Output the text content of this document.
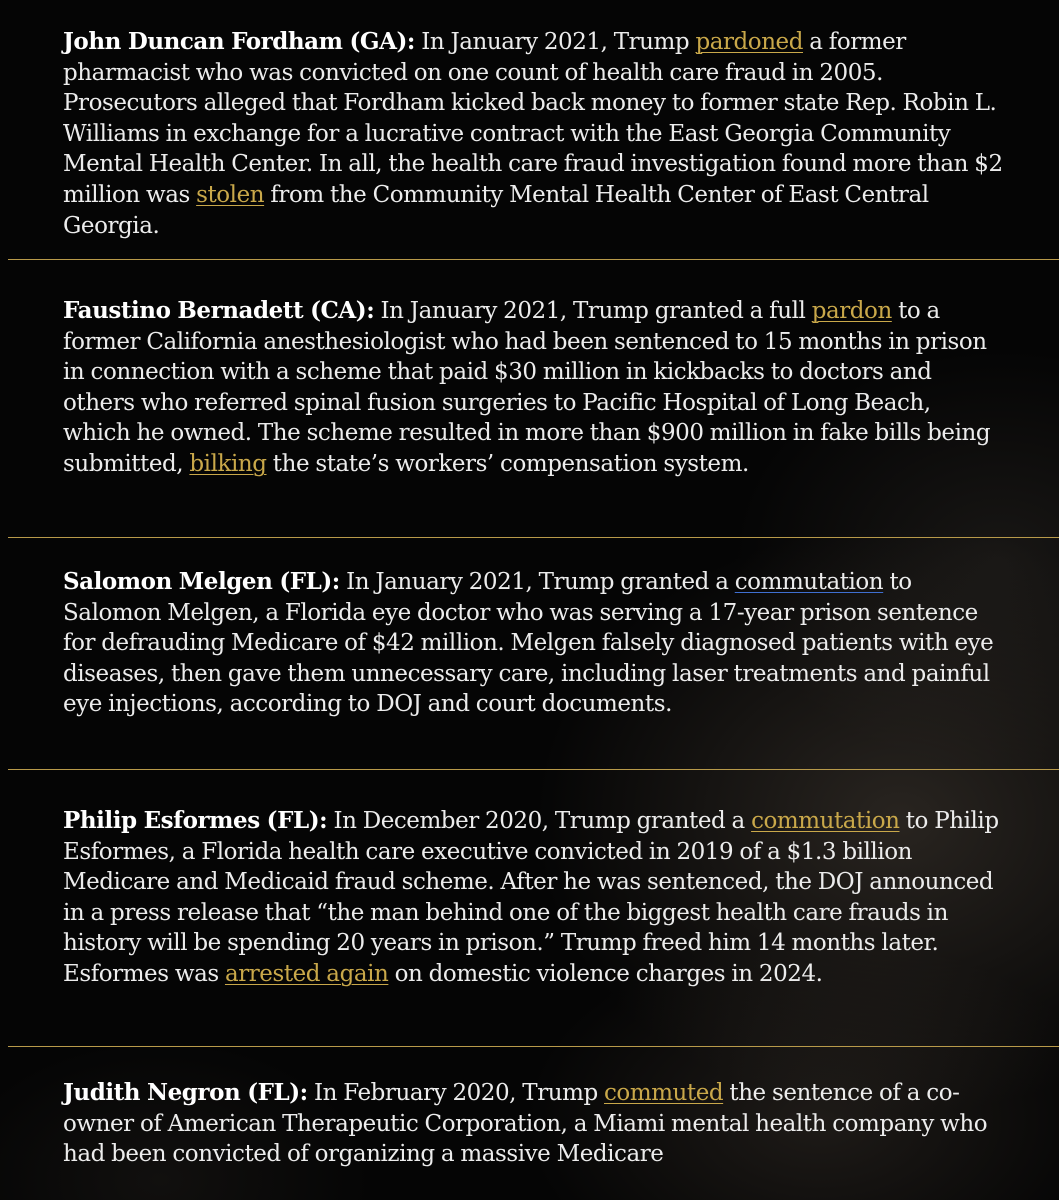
John Duncan Fordham (GA): In January 2021, Trump pardoned a former pharmacist who was convicted on one count of health care fraud in 2005. Prosecutors alleged that Fordham kicked back money to former state Rep. Robin L. Williams in exchange for a lucrative contract with the East Georgia Community Mental Health Center. In all, the health care fraud investigation found more than $2 million was stolen from the Community Mental Health Center of East Central Georgia.

Faustino Bernadett (CA): In January 2021, Trump granted a full pardon to a former California anesthesiologist who had been sentenced to 15 months in prison in connection with a scheme that paid $30 million in kickbacks to doctors and others who referred spinal fusion surgeries to Pacific Hospital of Long Beach, which he owned. The scheme resulted in more than $900 million in fake bills being submitted, bilking the state’s workers’ compensation system.

Salomon Melgen (FL): In January 2021, Trump granted a commutation to Salomon Melgen, a Florida eye doctor who was serving a 17-year prison sentence for defrauding Medicare of $42 million. Melgen falsely diagnosed patients with eye diseases, then gave them unnecessary care, including laser treatments and painful eye injections, according to DOJ and court documents.

Philip Esformes (FL): In December 2020, Trump granted a commutation to Philip Esformes, a Florida health care executive convicted in 2019 of a $1.3 billion Medicare and Medicaid fraud scheme. After he was sentenced, the DOJ announced in a press release that “the man behind one of the biggest health care frauds in history will be spending 20 years in prison.” Trump freed him 14 months later. Esformes was arrested again on domestic violence charges in 2024.

Judith Negron (FL): In February 2020, Trump commuted the sentence of a co-owner of American Therapeutic Corporation, a Miami mental health company who had been convicted of organizing a massive Medicare
